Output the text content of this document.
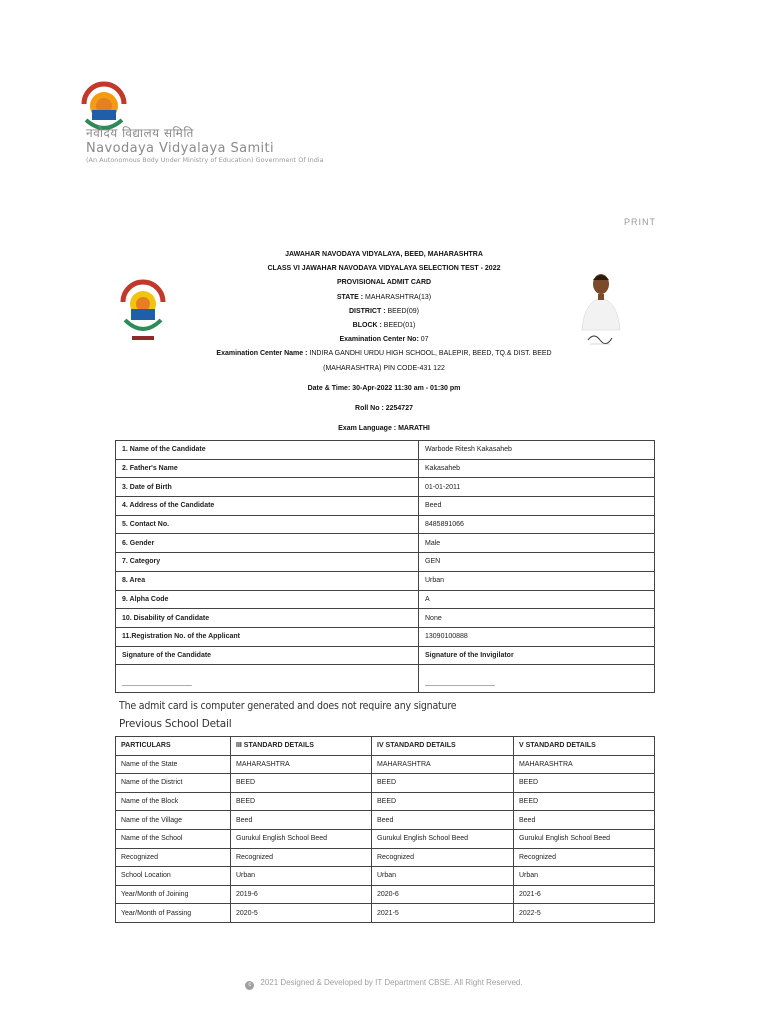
नवोदय विद्यालय समिति
Navodaya Vidyalaya Samiti
(An Autonomous Body Under Ministry of Education) Government Of India
PRINT
JAWAHAR NAVODAYA VIDYALAYA, BEED, MAHARASHTRA
CLASS VI JAWAHAR NAVODAYA VIDYALAYA SELECTION TEST - 2022
PROVISIONAL ADMIT CARD
STATE : MAHARASHTRA(13)
DISTRICT : BEED(09)
BLOCK : BEED(01)
Examination Center No: 07
Examination Center Name : INDIRA GANDHI URDU HIGH SCHOOL, BALEPIR, BEED, TQ.& DIST. BEED
(MAHARASHTRA) PIN CODE-431 122
Date & Time: 30-Apr-2022 11:30 am - 01:30 pm
Roll No : 2254727
Exam Language : MARATHI
1. Name of the Candidate	Warbode Ritesh Kakasaheb
2. Father's Name	Kakasaheb
3. Date of Birth	01-01-2011
4. Address of the Candidate	Beed
5. Contact No.	8485891066
6. Gender	Male
7. Category	GEN
8. Area	Urban
9. Alpha Code	A
10. Disability of Candidate	None
11.Registration No. of the Applicant	13090100888
Signature of the Candidate	Signature of the Invigilator
-----------------------------------	-----------------------------------
The admit card is computer generated and does not require any signature
Previous School Detail
PARTICULARS	III STANDARD DETAILS	IV STANDARD DETAILS	V STANDARD DETAILS
Name of the State	MAHARASHTRA	MAHARASHTRA	MAHARASHTRA
Name of the District	BEED	BEED	BEED
Name of the Block	BEED	BEED	BEED
Name of the Village	Beed	Beed	Beed
Name of the School	Gurukul English School Beed	Gurukul English School Beed	Gurukul English School Beed
Recognized	Recognized	Recognized	Recognized
School Location	Urban	Urban	Urban
Year/Month of Joining	2019-6	2020-6	2021-6
Year/Month of Passing	2020-5	2021-5	2022-5
c 2021 Designed & Developed by IT Department CBSE. All Right Reserved.
